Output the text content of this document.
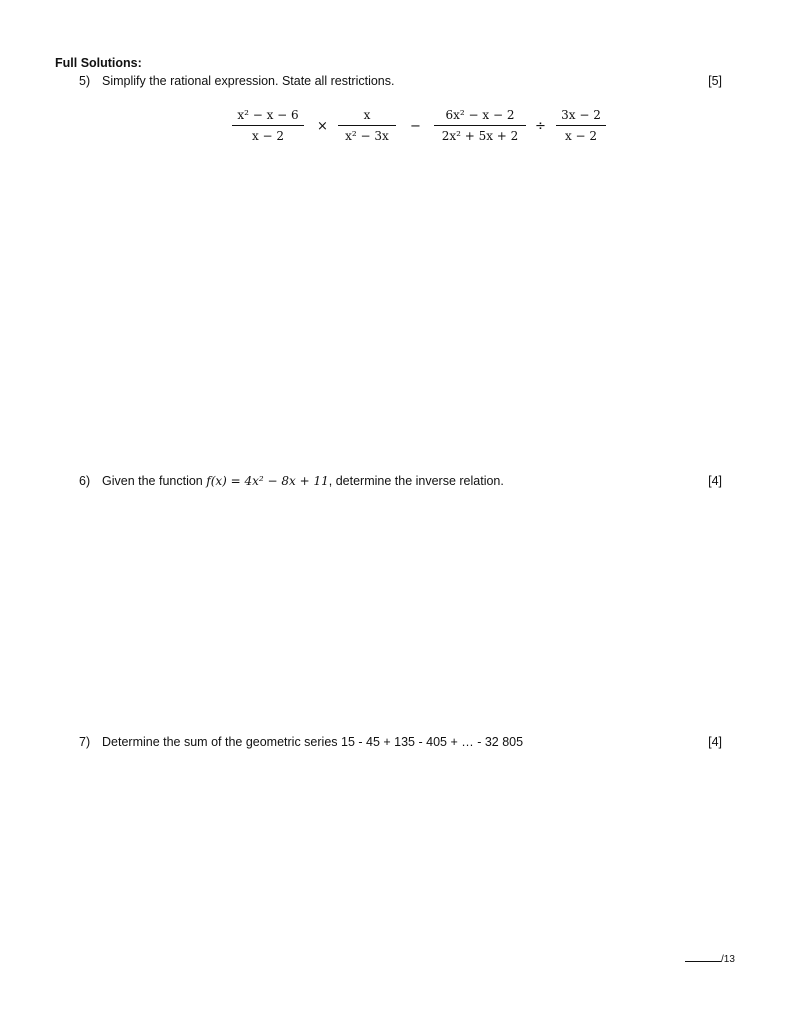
Full Solutions:
5) Simplify the rational expression. State all restrictions.	[5]
$\frac{\text{x² − x − 6}}{x - 2} \times \frac{x}{\text{x² − 3x}} - \frac{\text{6x² − x − 2}}{\text{2x² + 5x + 2}} \div \frac{3x - 2}{x - 2}$
6) Given the function f(x) = 4x² − 8x + 11, determine the inverse relation.	[4]
7) Determine the sum of the geometric series 15 - 45 + 135 - 405 + … - 32 805	[4]
/13
